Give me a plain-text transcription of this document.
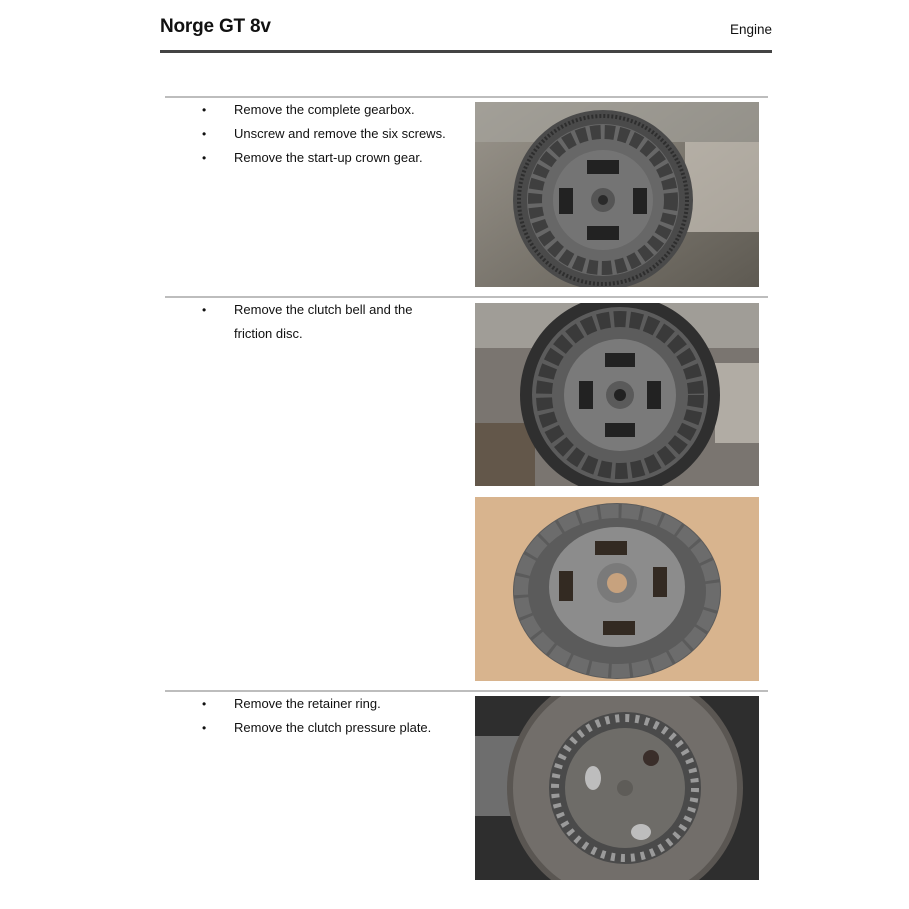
Norge GT 8v	Engine
• Remove the complete gearbox.
• Unscrew and remove the six screws.
• Remove the start-up crown gear.
• Remove the clutch bell and the friction disc.
• Remove the retainer ring.
• Remove the clutch pressure plate.
